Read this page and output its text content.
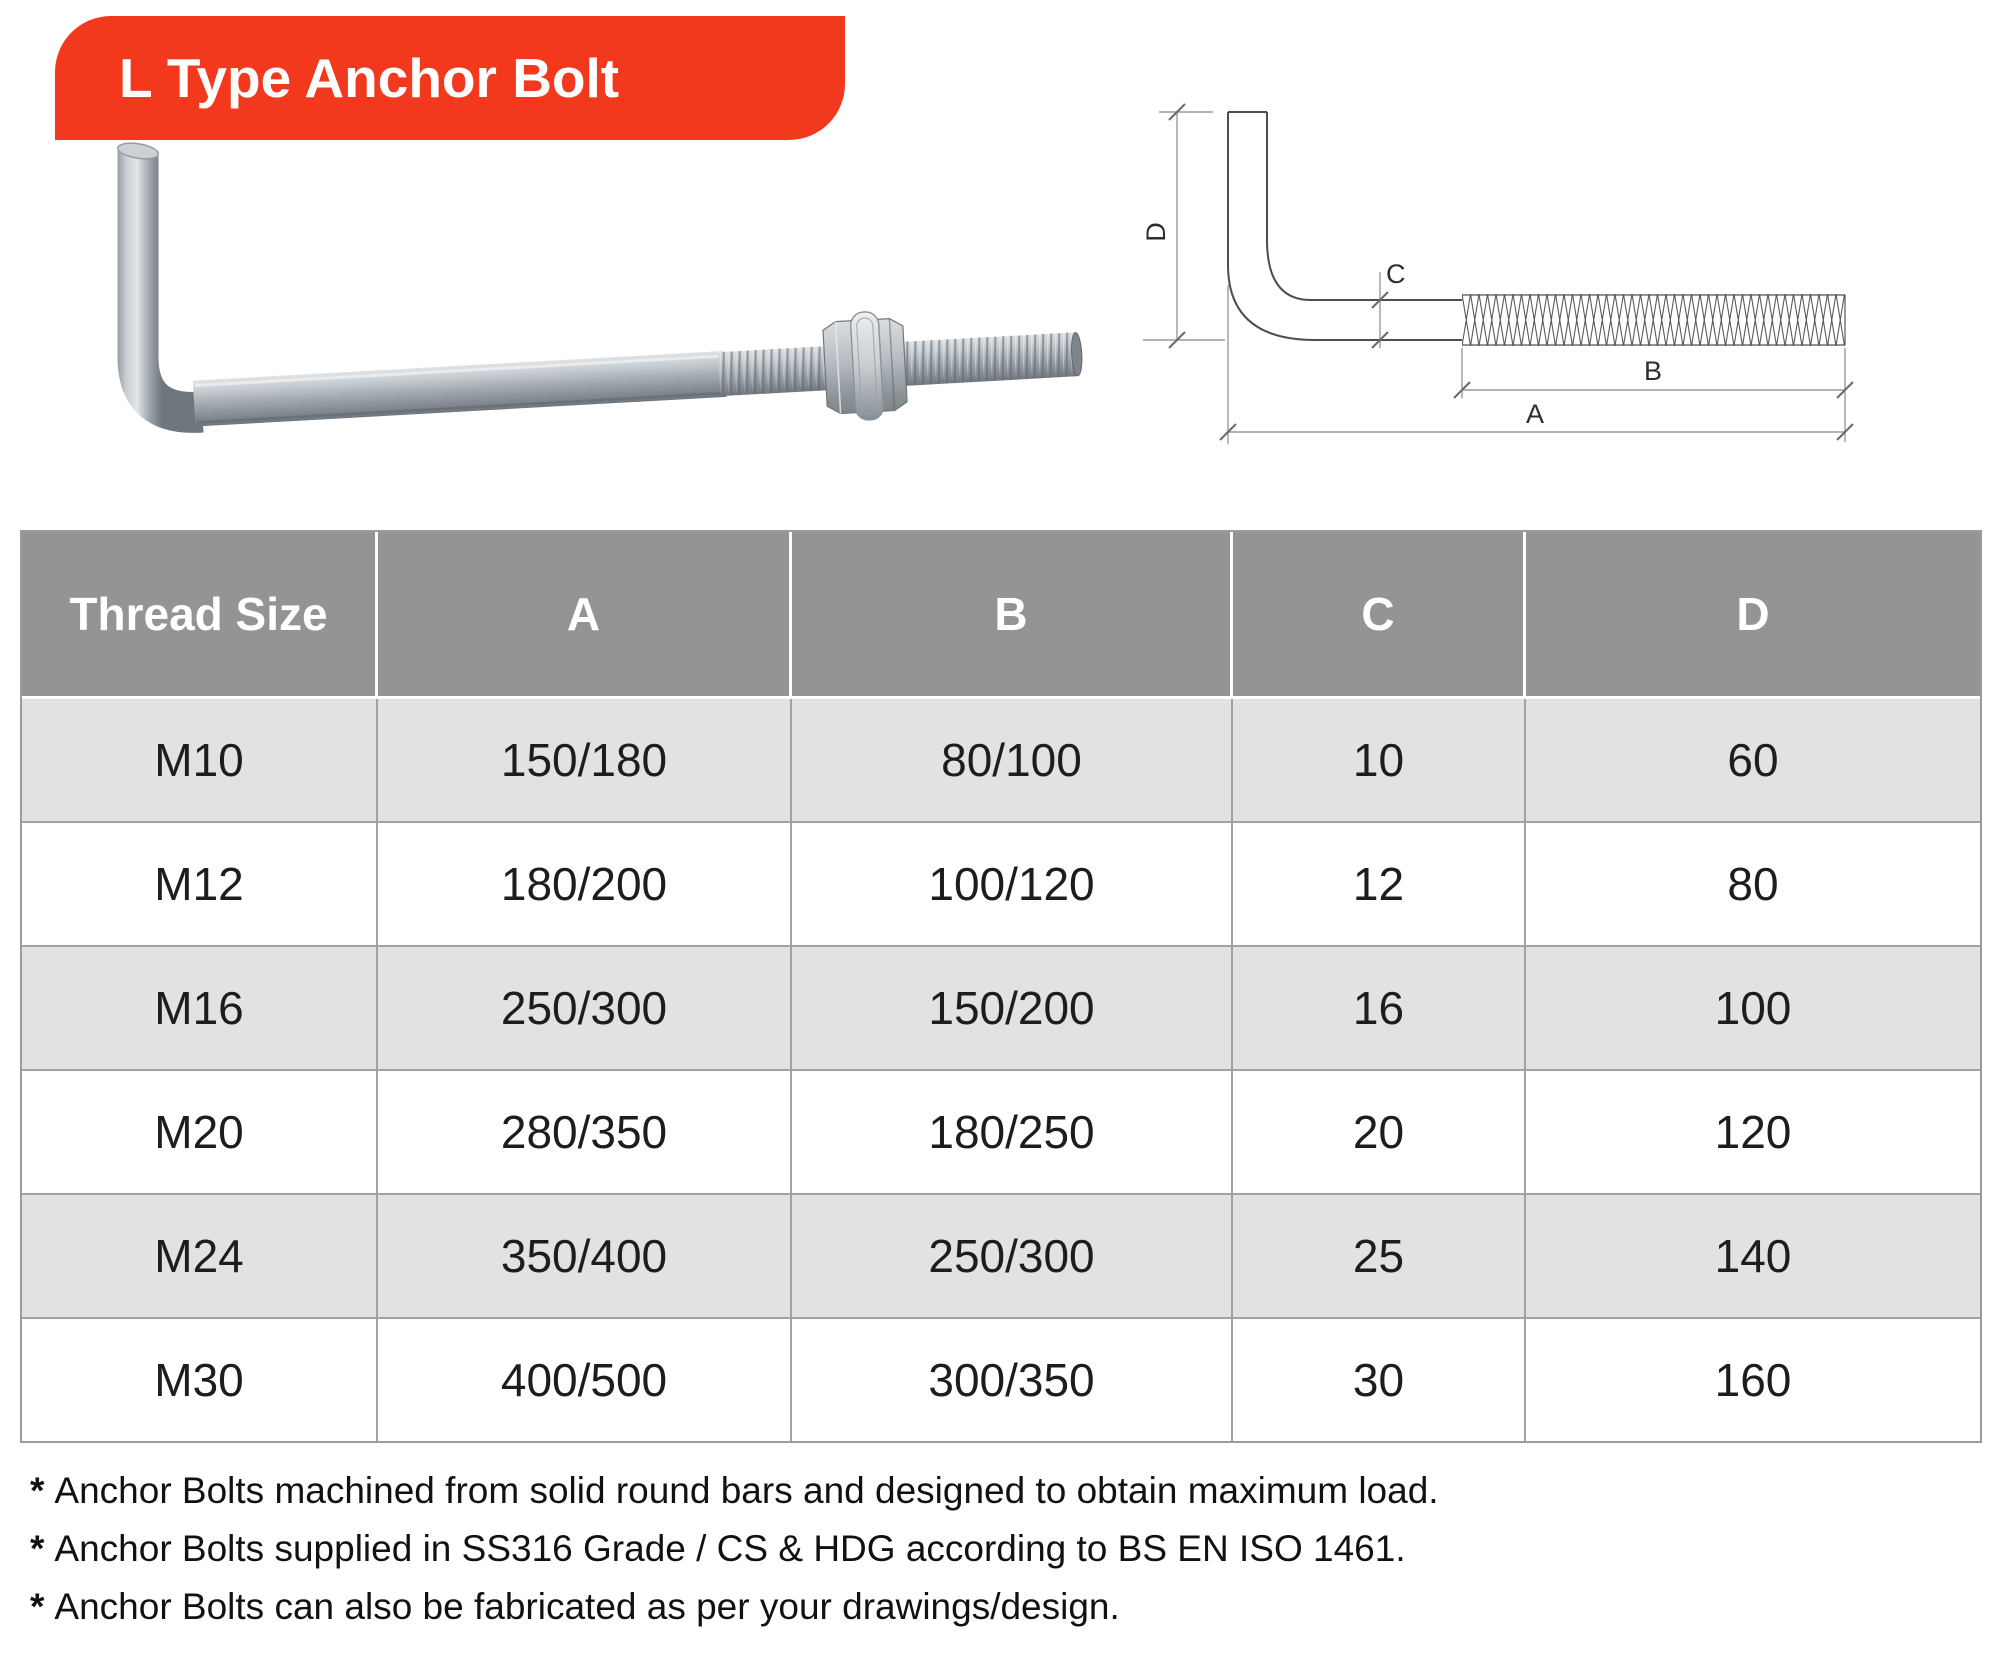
L Type Anchor Bolt
D
C
B
A
Thread Size	A	B	C	D
M10	150/180	80/100	10	60
M12	180/200	100/120	12	80
M16	250/300	150/200	16	100
M20	280/350	180/250	20	120
M24	350/400	250/300	25	140
M30	400/500	300/350	30	160
* Anchor Bolts machined from solid round bars and designed to obtain maximum load.
* Anchor Bolts supplied in SS316 Grade / CS & HDG according to BS EN ISO 1461.
* Anchor Bolts can also be fabricated as per your drawings/design.
